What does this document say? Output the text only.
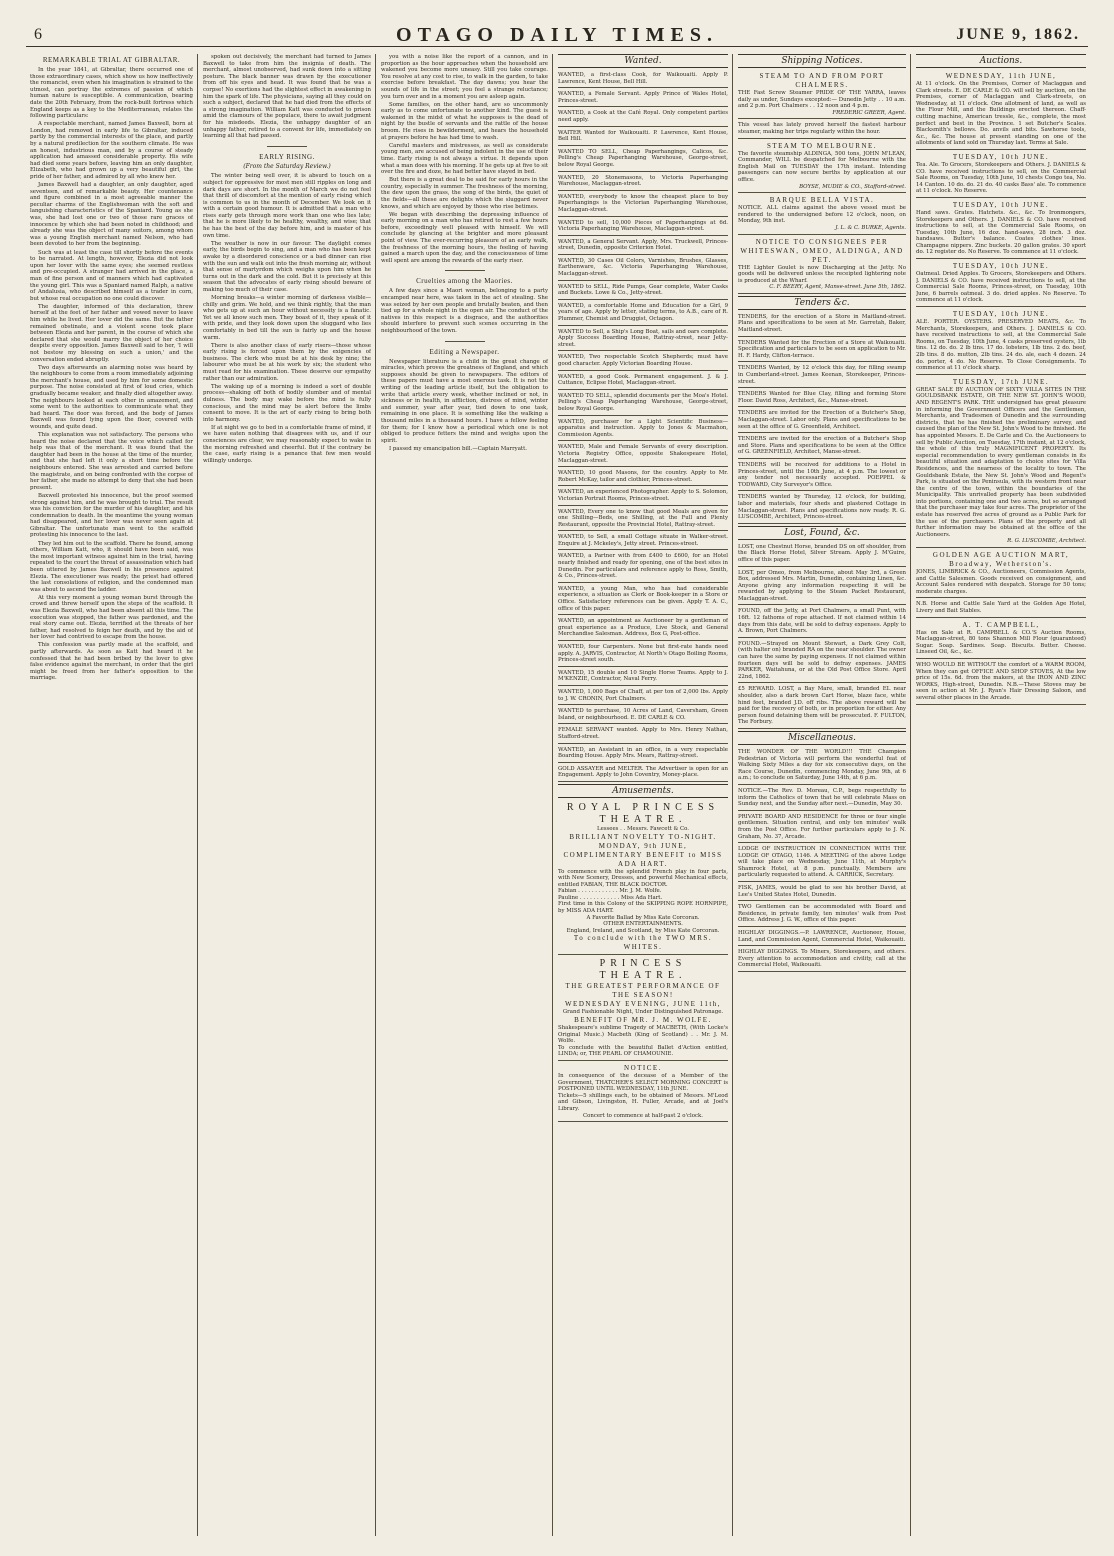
6	OTAGO DAILY TIMES.	JUNE 9, 1862.
REMARKABLE TRIAL AT GIBRALTAR.

In the year 1841, at Gibraltar, there occurred one of those extraordinary cases, which show us how ineffectively the romancist, even when his imagination is strained to the utmost, can portray the extremes of passion of which human nature is susceptible. A communication, bearing date the 20th February, from the rock-built fortress which England keeps as a key to the Mediterranean, relates the following particulars:

A respectable merchant, named James Baxwell, born at London, had removed in early life to Gibraltar, induced partly by the commercial interests of the place, and partly by a natural predilection for the southern climate. He was an honest, industrious man, and by a course of steady application had amassed considerable property. His wife had died some years before, leaving him an only daughter, Elizabeth, who had grown up a very beautiful girl, the pride of her father, and admired by all who knew her.

James Baxwell had a daughter, an only daughter, aged seventeen, and of remarkable beauty. Her countenance and figure combined in a most agreeable manner the peculiar charms of the Englishwoman with the soft and languishing characteristics of the Spaniard. Young as she was, she had lost one or two of those rare graces of innocence by which she had been noted in childhood; and already she was the object of many suitors, among whom was a young English merchant named Nelson, who had been devoted to her from the beginning.

Such was at least the case till shortly before the events to be narrated. At length, however, Elezia did not look upon her lover with the same eyes; she seemed restless and pre-occupied. A stranger had arrived in the place, a man of fine person and of manners which had captivated the young girl. This was a Spaniard named Ralph, a native of Andalusia, who described himself as a trader in corn, but whose real occupation no one could discover.

The daughter, informed of this declaration, threw herself at the feet of her father and vowed never to leave him while he lived. Her lover did the same. But the father remained obstinate, and a violent scene took place between Elezia and her parent, in the course of which she declared that she would marry the object of her choice despite every opposition. James Baxwell said to her, 'I will not bestow my blessing on such a union,' and the conversation ended abruptly.

Two days afterwards an alarming noise was heard by the neighbours to come from a room immediately adjoining the merchant's house, and used by him for some domestic purpose. The noise consisted at first of loud cries, which gradually became weaker, and finally died altogether away. The neighbours looked at each other in amazement, and some went to the authorities to communicate what they had heard. The door was forced, and the body of James Baxwell was found lying upon the floor, covered with wounds, and quite dead.

This explanation was not satisfactory. The persons who heard the noise declared that the voice which called for help was that of the merchant. It was found that the daughter had been in the house at the time of the murder, and that she had left it only a short time before the neighbours entered. She was arrested and carried before the magistrate, and on being confronted with the corpse of her father, she made no attempt to deny that she had been present.

Baxwell protested his innocence, but the proof seemed strong against him, and he was brought to trial. The result was his conviction for the murder of his daughter, and his condemnation to death. In the meantime the young woman had disappeared, and her lover was never seen again at Gibraltar. The unfortunate man went to the scaffold protesting his innocence to the last.

They led him out to the scaffold. There he found, among others, William Katt, who, it should have been said, was the most important witness against him in the trial, having repeated to the court the threat of assassination which had been uttered by James Baxwell in his presence against Elezia. The executioner was ready; the priest had offered the last consolations of religion, and the condemned man was about to ascend the ladder.

At this very moment a young woman burst through the crowd and threw herself upon the steps of the scaffold. It was Elezia Baxwell, who had been absent all this time. The execution was stopped, the father was pardoned, and the real story came out. Elezia, terrified at the threats of her father, had resolved to feign her death, and by the aid of her lover had contrived to escape from the house.

This confession was partly made at the scaffold, and partly afterwards. As soon as Katt had heard it he confessed that he had been bribed by the lover to give false evidence against the merchant, in order that the girl might be freed from her father's opposition to the marriage.

spoken out decisively, the merchant had turned to James Baxwell to take from him the insignia of death. The merchant, almost unobserved, had sunk down into a sitting posture. The black banner was drawn by the executioner from off his eyes and head. It was found that he was a corpse! No exertions had the slightest effect in awakening in him the spark of life. The physicians, saying all they could on such a subject, declared that he had died from the effects of a strong imagination. William Katt was conducted to prison amid the clamours of the populace, there to await judgment for his misdeeds. Elezia, the unhappy daughter of an unhappy father, retired to a convent for life, immediately on learning all that had passed.

EARLY RISING.
(From the Saturday Review.)

The winter being well over, it is absurd to touch on a subject for oppressive for most men still ripples on long and dark days are short. In the month of March we do not feel that thrill of discomfort at the mention of early rising which is common to us in the month of December. We look on it with a certain good humour. It is admitted that a man who rises early gets through more work than one who lies late; that he is more likely to be healthy, wealthy, and wise; that he has the best of the day before him, and is master of his own time.

The weather is now in our favour. The daylight comes early, the birds begin to sing, and a man who has been kept awake by a disordered conscience or a bad dinner can rise with the sun and walk out into the fresh morning air, without that sense of martyrdom which weighs upon him when he turns out in the dark and the cold. But it is precisely at this season that the advocates of early rising should beware of making too much of their case.

Morning breaks—a winter morning of darkness visible—chilly and grim. We hold, and we think rightly, that the man who gets up at such an hour without necessity is a fanatic. Yet we all know such men. They boast of it, they speak of it with pride, and they look down upon the sluggard who lies comfortably in bed till the sun is fairly up and the house warm.

There is also another class of early risers—those whose early rising is forced upon them by the exigencies of business. The clerk who must be at his desk by nine; the labourer who must be at his work by six; the student who must read for his examination. These deserve our sympathy rather than our admiration.

The waking up of a morning is indeed a sort of double process—shaking off both of bodily slumber and of mental dulness. The body may wake before the mind is fully conscious, and the mind may be alert before the limbs consent to move. It is the art of early rising to bring both into harmony.

If at night we go to bed in a comfortable frame of mind, if we have eaten nothing that disagrees with us, and if our consciences are clear, we may reasonably expect to wake in the morning refreshed and cheerful. But if the contrary be the case, early rising is a penance that few men would willingly undergo.

you with a noise like the report of a cannon, and in proportion as the hour approaches when the household are wakened you become more uneasy. Still you take courage. You resolve at any cost to rise, to walk in the garden, to take exercise before breakfast. The day dawns; you hear the sounds of life in the street; you feel a strange reluctance; you turn over and in a moment you are asleep again.

Some families, on the other hand, are so uncommonly early as to come unfortunate to another kind. The guest is wakened in the midst of what he supposes is the dead of night by the bustle of servants and the rattle of the house broom. He rises in bewilderment, and hears the household at prayers before he has had time to wash.

Careful masters and mistresses, as well as considerate young men, are accused of being indolent in the use of their time. Early rising is not always a virtue. It depends upon what a man does with his morning. If he gets up at five to sit over the fire and doze, he had better have stayed in bed.

But there is a great deal to be said for early hours in the country, especially in summer. The freshness of the morning, the dew upon the grass, the song of the birds, the quiet of the fields—all these are delights which the sluggard never knows, and which are enjoyed by those who rise betimes.

We began with describing the depressing influence of early morning on a man who has retired to rest a few hours before, exceedingly well pleased with himself. We will conclude by glancing at the brighter and more pleasant point of view. The ever-recurring pleasure of an early walk, the freshness of the morning hours, the feeling of having gained a march upon the day, and the consciousness of time well spent are among the rewards of the early riser.

Cruelties among the Maories.

A few days since a Maori woman, belonging to a party encamped near here, was taken in the act of stealing. She was seized by her own people and brutally beaten, and then tied up for a whole night in the open air. The conduct of the natives in this respect is a disgrace, and the authorities should interfere to prevent such scenes occurring in the neighbourhood of the town.

Editing a Newspaper.

Newspaper literature is a child in the great change of miracles, which proves the greatness of England, and which supposes should be given to newspapers. The editors of these papers must have a most onerous task. It is not the writing of the leading article itself, but the obligation to write that article every week, whether inclined or not, in sickness or in health, in affliction, distress of mind, winter and summer, year after year, tied down to one task, remaining in one place. It is something like the walking a thousand miles in a thousand hours. I have a fellow feeling for them; for I know how a periodical which one is not obliged to produce fetters the mind and weighs upon the spirit.

I passed my emancipation bill.—Captain Marryatt.

Wanted.
WANTED, a first-class Cook, for Waikouaiti. Apply P. Lawrence, Kent House, Bell Hill.
WANTED, a Female Servant. Apply Prince of Wales Hotel, Princes-street.
WANTED, a Cook at the Café Royal. Only competent parties need apply.
WAITER Wanted for Waikouaiti. P. Lawrence, Kent House, Bell Hill.
WANTED TO SELL, Cheap Paperhangings, Calicos, &c. Pelling's Cheap Paperhanging Warehouse, George-street, below Royal George.
WANTED, 20 Stonemasons, to Victoria Paperhanging Warehouse, Maclaggan-street.
WANTED, everybody to know the cheapest place to buy Paperhangings is the Victorian Paperhanging Warehouse, Maclaggan-street.
WANTED to sell, 10,000 Pieces of Paperhangings at 6d. Victoria Paperhanging Warehouse, Maclaggan-street.
WANTED, a General Servant. Apply, Mrs. Truckwell, Princes-street, Dunedin, opposite Criterion Hotel.
WANTED, 30 Cases Oil Colors, Varnishes, Brushes, Glasses, Earthenware, &c. Victoria Paperhanging Warehouse, Maclaggan-street.
WANTED to SELL, Ride Pumps, Gear complete, Water Casks and Buckets. Lowe & Co., Jetty-street.
WANTED, a comfortable Home and Education for a Girl, 9 years of age. Apply by letter, stating terms, to A.B., care of R. Plummer, Chemist and Druggist, Octagon.
WANTED to Sell, a Ship's Long Boat, sails and oars complete. Apply Success Boarding House, Rattray-street, near Jetty-street.
WANTED, Two respectable Scotch Shepherds; must have good character. Apply Victorian Boarding House.
WANTED, a good Cook. Permanent engagement. J. & J. Cuttance, Eclipse Hotel, Maclaggan-street.
WANTED TO SELL, splendid documents per the Moa's Hotel. Pelling's Cheap Paperhanging Warehouse, George-street, below Royal George.
WANTED, purchaser for a Light Scientific Business—apparatus and instruction. Apply to Jones & Macmahon, Commission Agents.
WANTED, Male and Female Servants of every description. Victoria Registry Office, opposite Shakespeare Hotel, Maclaggan-street.
WANTED, 10 good Masons, for the country. Apply to Mr. Robert McKay, tailor and clothier, Princes-street.
WANTED, an experienced Photographer. Apply to S. Solomon, Victorian Portrait Rooms, Princes-street.
WANTED, Every one to know that good Meals are given for one Shilling—Beds, one Shilling, at the Full and Plenty Restaurant, opposite the Provincial Hotel, Rattray-street.
WANTED, to Sell, a small Cottage situate in Walker-street. Enquire at J. Mckeley's, Jetty street. Princes-street.
WANTED, a Partner with from £400 to £600, for an Hotel nearly finished and ready for opening, one of the best sites in Dunedin. For particulars and reference apply to Ross, Smith, & Co., Princes-street.
WANTED, a young Man, who has had considerable experience, a situation as Clerk or Book-keeper in a Store or Office. Satisfactory references can be given. Apply T. A. C., office of this paper.
WANTED, an appointment as Auctioneer by a gentleman of great experience as a Produce, Live Stock, and General Merchandise Salesman. Address, Box G, Post-office.
WANTED, four Carpenters. None but first-rate hands need apply. A. JARVIS, Contractor, At North's Otago Boiling Rooms, Princes-street south.
WANTED, 15 double and 10 Single Horse Teams. Apply to J. M'KENZIE, Contractor, Naval Ferry.
WANTED, 1,000 Bags of Chaff, at per ton of 2,000 lbs. Apply to J. W. CRONIN, Port Chalmers.
WANTED to purchase, 10 Acres of Land, Caversham, Green Island, or neighbourhood. E. DE CARLE & CO.
FEMALE SERVANT wanted. Apply to Mrs. Henry Nathan, Stafford-street.
WANTED, an Assistant in an office, in a very respectable Boarding House. Apply Mrs. Mears, Rattray-street.
GOLD ASSAYER and MELTER. The Advertiser is open for an Engagement. Apply to John Coventry, Money-place.
Amusements.
ROYAL PRINCESS THEATRE.
Lessees . . Messrs. Fawcett & Co.
BRILLIANT NOVELTY TO-NIGHT.
MONDAY, 9th JUNE,
COMPLIMENTARY BENEFIT to MISS ADA HART.
To commence with the splendid French play in four parts, with New Scenery, Dresses, and powerful Mechanical effects, entitled FABIAN, THE BLACK DOCTOR.
Fabian . . . . . . . . . . . . Mr. J. M. Wolfe.
Pauline . . . . . . . . . . . . Miss Ada Hart.
First time in this Colony of the SKIPPING ROPE HORNPIPE, by MISS ADA HART.
A Favorite Ballad by Miss Kate Corcoran.
OTHER ENTERTAINMENTS.
England, Ireland, and Scotland, by Miss Kate Corcoran.
To conclude with the TWO MRS. WHITES.
PRINCESS THEATRE.
THE GREATEST PERFORMANCE OF THE SEASON!
WEDNESDAY EVENING, JUNE 11th,
Grand Fashionable Night, Under Distinguished Patronage.
BENEFIT OF MR. J. M. WOLFE.
Shakespeare's sublime Tragedy of MACBETH, (With Locke's Original Music.) Macbeth (King of Scotland) . . Mr. J. M. Wolfe.
To conclude with the beautiful Ballet d'Action entitled, LINDA; or, THE PEARL OF CHAMOUNIE.
NOTICE.
In consequence of the decease of a Member of the Government, THATCHER'S SELECT MORNING CONCERT is POSTPONED UNTIL WEDNESDAY, 11th JUNE.
Tickets—5 shillings each, to be obtained of Messrs. M'Leod and Gibson, Livingston, H. Fuller, Arcade, and at Joel's Library.
Concert to commence at half-past 2 o'clock.
Shipping Notices.
STEAM TO AND FROM PORT CHALMERS.
THE Fast Screw Steamer PRIDE OF THE YARRA, leaves daily as under, Sundays excepted:— Dunedin Jetty . . 10 a.m. and 2 p.m. Port Chalmers . . 12 noon and 4 p.m.
FREDERIC GREER, Agent.
This vessel has lately proved herself the fastest harbour steamer, making her trips regularly within the hour.
STEAM TO MELBOURNE.
The favorite steamship ALDINGA, 500 tons, JOHN M'LEAN, Commander, WILL be despatched for Melbourne with the English Mail on TUESDAY the 17th instant. Intending passengers can now secure berths by application at our office.
BOYSE, MUDIE & CO., Stafford-street.
BARQUE BELLA VISTA.
NOTICE. ALL claims against the above vessel must be rendered to the undersigned before 12 o'clock, noon, on Monday, 9th inst.
J. L. & C. BURKE, Agents.
NOTICE TO CONSIGNEES PER WHITESWAN, OMEO, ALDINGA, AND PET.
THE Lighter Goulet is now Discharging at the Jetty. No goods will be delivered unless the receipted lightering note is produced at the Wharf.
C. F. BEERY, Agent, Manse-street. June 5th, 1862.
Tenders &c.
TENDERS, for the erection of a Store in Maitland-street. Plans and specifications to be seen at Mr. Garretah, Baker, Maitland-street.
TENDERS Wanted for the Erection of a Store at Waikouaiti. Specification and particulars to be seen on application to Mr. H. F. Hardy, Clifton-terrace.
TENDERS Wanted, by 12 o'clock this day, for filling swamp in Cumberland-street. James Keenan, Storekeeper, Princes-street.
TENDERS Wanted for Blue Clay, filling and forming Store Floor. David Ross, Architect, &c., Manse-street.
TENDERS are invited for the Erection of a Butcher's Shop, Maclaggan-street. Labor only. Plans and specifications to be seen at the office of G. Greenfield, Architect.
TENDERS are invited for the erection of a Butcher's Shop and Store. Plans and specifications to be seen at the Office of G. GREENFIELD, Architect, Manse-street.
TENDERS will be received for additions to a Hotel in Princes-street, until the 10th June, at 4 p.m. The lowest or any tender not necessarily accepted. POEPPEL & TODWARD, City Surveyor's Office.
TENDERS wanted by Thursday, 12 o'clock, for building, labor and materials, four sheds and plastered Cottage in Maclaggan-street. Plans and specifications now ready. R. G. LUSCOMBE, Architect, Princes-street.
Lost, Found, &c.
LOST, one Chestnut Horse, branded DS on off shoulder, from the Black Horse Hotel, Silver Stream. Apply J. M'Guire, office of this paper.
LOST, per Omeo, from Melbourne, about May 3rd, a Green Box, addressed Mrs. Martin, Dunedin, containing Linen, &c. Anyone giving any information respecting it will be rewarded by applying to the Steam Packet Restaurant, Maclaggan-street.
FOUND, off the Jetty, at Port Chalmers, a small Punt, with 16ft. 12 fathoms of rope attached. If not claimed within 14 days from this date, will be sold to defray expenses. Apply to A. Brown, Port Chalmers.
FOUND.—Strayed on Mount Stewart, a Dark Grey Colt, (with halter on) branded RA on the near shoulder. The owner can have the same by paying expenses. If not claimed within fourteen days will be sold to defray expenses. JAMES PARKER, Waitahuna, or at the Old Post Office Store. April 22nd, 1862.
£5 REWARD. LOST, a Bay Mare, small, branded EL near shoulder, also a dark brown Cart Horse, blaze face, white hind feet, branded J.D. off ribs. The above reward will be paid for the recovery of both, or in proportion for either. Any person found detaining them will be prosecuted. F. FULTON, The Forbury.
Miscellaneous.
THE WONDER OF THE WORLD!!! THE Champion Pedestrian of Victoria will perform the wonderful feat of Walking Sixty Miles a day for six consecutive days, on the Race Course, Dunedin, commencing Monday, June 9th, at 6 a.m.; to conclude on Saturday, June 14th, at 6 p.m.
NOTICE.—The Rev. D. Moreau, C.P., begs respectfully to inform the Catholics of town that he will celebrate Mass on Sunday next, and the Sunday after next.—Dunedin, May 30.
PRIVATE BOARD AND RESIDENCE for three or four single gentlemen. Situation central, and only ten minutes' walk from the Post Office. For further particulars apply to J. N. Graham, No. 37, Arcade.
LODGE OF INSTRUCTION IN CONNECTION WITH THE LODGE OF OTAGO, 1146. A MEETING of the above Lodge will take place on Wednesday, June 11th, at Murphy's Shamrock Hotel, at 8 p.m. punctually. Members are particularly requested to attend. A. CARRICK, Secretary.
FISK, JAMES, would be glad to see his brother David, at Lee's United States Hotel, Dunedin.
TWO Gentlemen can be accommodated with Board and Residence, in private family, ten minutes' walk from Post Office. Address J. G. W., office of this paper.
HIGHLAY DIGGINGS.—P. LAWRENCE, Auctioneer, House, Land, and Commission Agent, Commercial Hotel, Waikouaiti.
HIGHLAY DIGGINGS. To Miners, Storekeepers, and others. Every attention to accommodation and civility, call at the Commercial Hotel, Waikouaiti.
Auctions.
WEDNESDAY, 11th JUNE,
At 11 o'clock. On the Premises, Corner of Maclaggan and Clark streets. E. DE CARLE & CO. will sell by auction, on the Premises, corner of Maclaggan and Clark-streets, on Wednesday, at 11 o'clock. One allotment of land, as well as the Flour Mill, and the Buildings erected thereon. Chaff-cutting machine, American tressle, &c., complete, the most perfect and best in the Province. 1 set Butcher's Scales. Blacksmith's bellows. Do. anvils and bits. Sawhorse tools, &c., &c. The house at present standing on one of the allotments of land sold on Thursday last. Terms at Sale.
TUESDAY, 10th JUNE.
Tea. Ale. To Grocers, Storekeepers and Others. J. DANIELS & CO. have received instructions to sell, on the Commercial Sale Rooms, on Tuesday, 10th June, 10 chests Congo tea, No. 14 Canton. 10 do. do. 21 do. 40 casks Bass' ale. To commence at 11 o'clock. No Reserve.
TUESDAY, 10th JUNE.
Hand saws. Grates. Hatchets. &c., &c. To Ironmongers, Storekeepers and Others. J. DANIELS & CO. have received instructions to sell, at the Commercial Sale Rooms, on Tuesday, 10th June, 16 doz. hand-saws, 28 inch. 3 doz. handsaws. Butter's balance. Coates clothes' lines. Champagne nippers. Zinc buckets. 20 gallon grates. 30 sport do. 12 register do. No Reserve. To commence at 11 o'clock.
TUESDAY, 10th JUNE.
Oatmeal. Dried Apples. To Grocers, Storekeepers and Others. J. DANIELS & CO. have received instructions to sell, at the Commercial Sale Rooms, Princes-street, on Tuesday, 10th June, 6 barrels oatmeal. 3 do. dried apples. No Reserve. To commence at 11 o'clock.
TUESDAY, 10th JUNE.
ALE. PORTER. OYSTERS. PRESERVED MEATS, &c. To Merchants, Storekeepers, and Others. J. DANIELS & CO. have received instructions to sell, at the Commercial Sale Rooms, on Tuesday, 10th June, 4 casks preserved oysters, 1lb tins. 12 do. do. 2 lb tins. 17 do. lobsters, 1lb tins. 2 do. beef, 2lb tins. 8 do. mutton, 2lb tins. 24 do. ale, each 4 dozen. 24 do. porter, 4 do. No Reserve. To Close Consignments. To commence at 11 o'clock sharp.
TUESDAY, 17th JUNE.
GREAT SALE BY AUCTION OF SIXTY VILLA SITES IN THE GOULDSBANK ESTATE, OR THE NEW ST. JOHN'S WOOD, AND REGENT'S PARK. THE undersigned has great pleasure in informing the Government Officers and the Gentlemen, Merchants, and Tradesmen of Dunedin and the surrounding districts, that he has finished the preliminary survey, and caused the plan of the New St. John's Wood to be finished. He has appointed Messrs. E. De Carle and Co. the Auctioneers to sell by Public Auction, on Tuesday, 17th instant, at 12 o'clock, the whole of this truly MAGNIFICENT PROPERTY. Its especial recommendation to every gentleman consists in its beautiful situation and adaptation to choice sites for Villa Residences, and the nearness of the locality to town. The Gouldsbank Estate, the New St. John's Wood and Regent's Park, is situated on the Peninsula, with its western front near the centre of the town, within the boundaries of the Municipality. This unrivalled property has been subdivided into portions, containing one and two acres, but so arranged that the purchaser may take four acres. The proprietor of the estate has reserved five acres of ground as a Public Park for the use of the purchasers. Plans of the property and all further information may be obtained at the office of the Auctioneers.
R. G. LUSCOMBE, Architect.
GOLDEN AGE AUCTION MART, Broadway, Wetherston's.
JONES, LIMBRICK & CO., Auctioneers, Commission Agents, and Cattle Salesmen. Goods received on consignment, and Account Sales rendered with despatch. Storage for 50 tons; moderate charges.
N.B. Horse and Cattle Sale Yard at the Golden Age Hotel, Livery and Bait Stables.
A. T. CAMPBELL,
Has on Sale at R. CAMPBELL & CO.'S Auction Rooms, Maclaggan-street, 80 tons Shannon Mill Flour (guaranteed) Sugar. Soap. Sardines. Soap. Biscuits. Butter. Cheese. Linseed Oil, &c., &c.
WHO WOULD BE WITHOUT the comfort of a WARM ROOM, When they can get OFFICE AND SHOP STOVES, At the low price of 15s. 6d. from the makers, at the IRON AND ZINC WORKS, High-street, Dunedin. N.B.—These Stoves may be seen in action at Mr. J. Ryan's Hair Dressing Saloon, and several other places in the Arcade.
